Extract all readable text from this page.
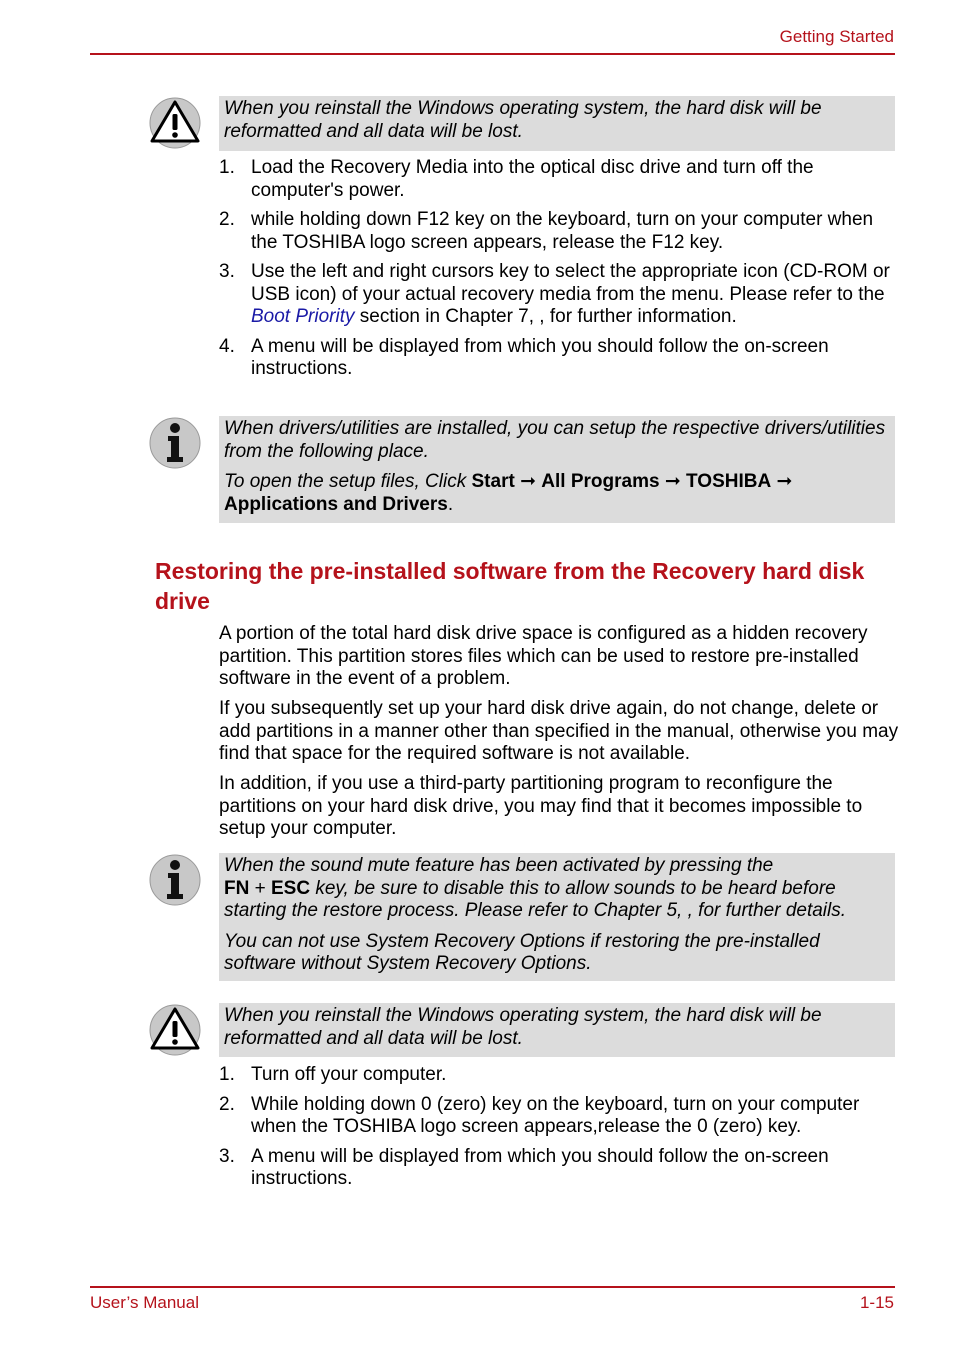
Getting Started

When you reinstall the Windows operating system, the hard disk will be reformatted and all data will be lost.

1. Load the Recovery Media into the optical disc drive and turn off the computer's power.
2. while holding down F12 key on the keyboard, turn on your computer when the TOSHIBA logo screen appears, release the F12 key.
3. Use the left and right cursors key to select the appropriate icon (CD-ROM or USB icon) of your actual recovery media from the menu. Please refer to the Boot Priority section in Chapter 7, , for further information.
4. A menu will be displayed from which you should follow the on-screen instructions.

When drivers/utilities are installed, you can setup the respective drivers/utilities from the following place.

To open the setup files, Click Start ➞ All Programs ➞ TOSHIBA ➞ Applications and Drivers.

Restoring the pre-installed software from the Recovery hard disk drive

A portion of the total hard disk drive space is configured as a hidden recovery partition. This partition stores files which can be used to restore pre-installed software in the event of a problem.

If you subsequently set up your hard disk drive again, do not change, delete or add partitions in a manner other than specified in the manual, otherwise you may find that space for the required software is not available.

In addition, if you use a third-party partitioning program to reconfigure the partitions on your hard disk drive, you may find that it becomes impossible to setup your computer.

When the sound mute feature has been activated by pressing the
FN + ESC key, be sure to disable this to allow sounds to be heard before starting the restore process. Please refer to Chapter 5, , for further details.

You can not use System Recovery Options if restoring the pre-installed software without System Recovery Options.

When you reinstall the Windows operating system, the hard disk will be reformatted and all data will be lost.

1. Turn off your computer.
2. While holding down 0 (zero) key on the keyboard, turn on your computer when the TOSHIBA logo screen appears,release the 0 (zero) key.
3. A menu will be displayed from which you should follow the on-screen instructions.
User’s Manual	1-15
